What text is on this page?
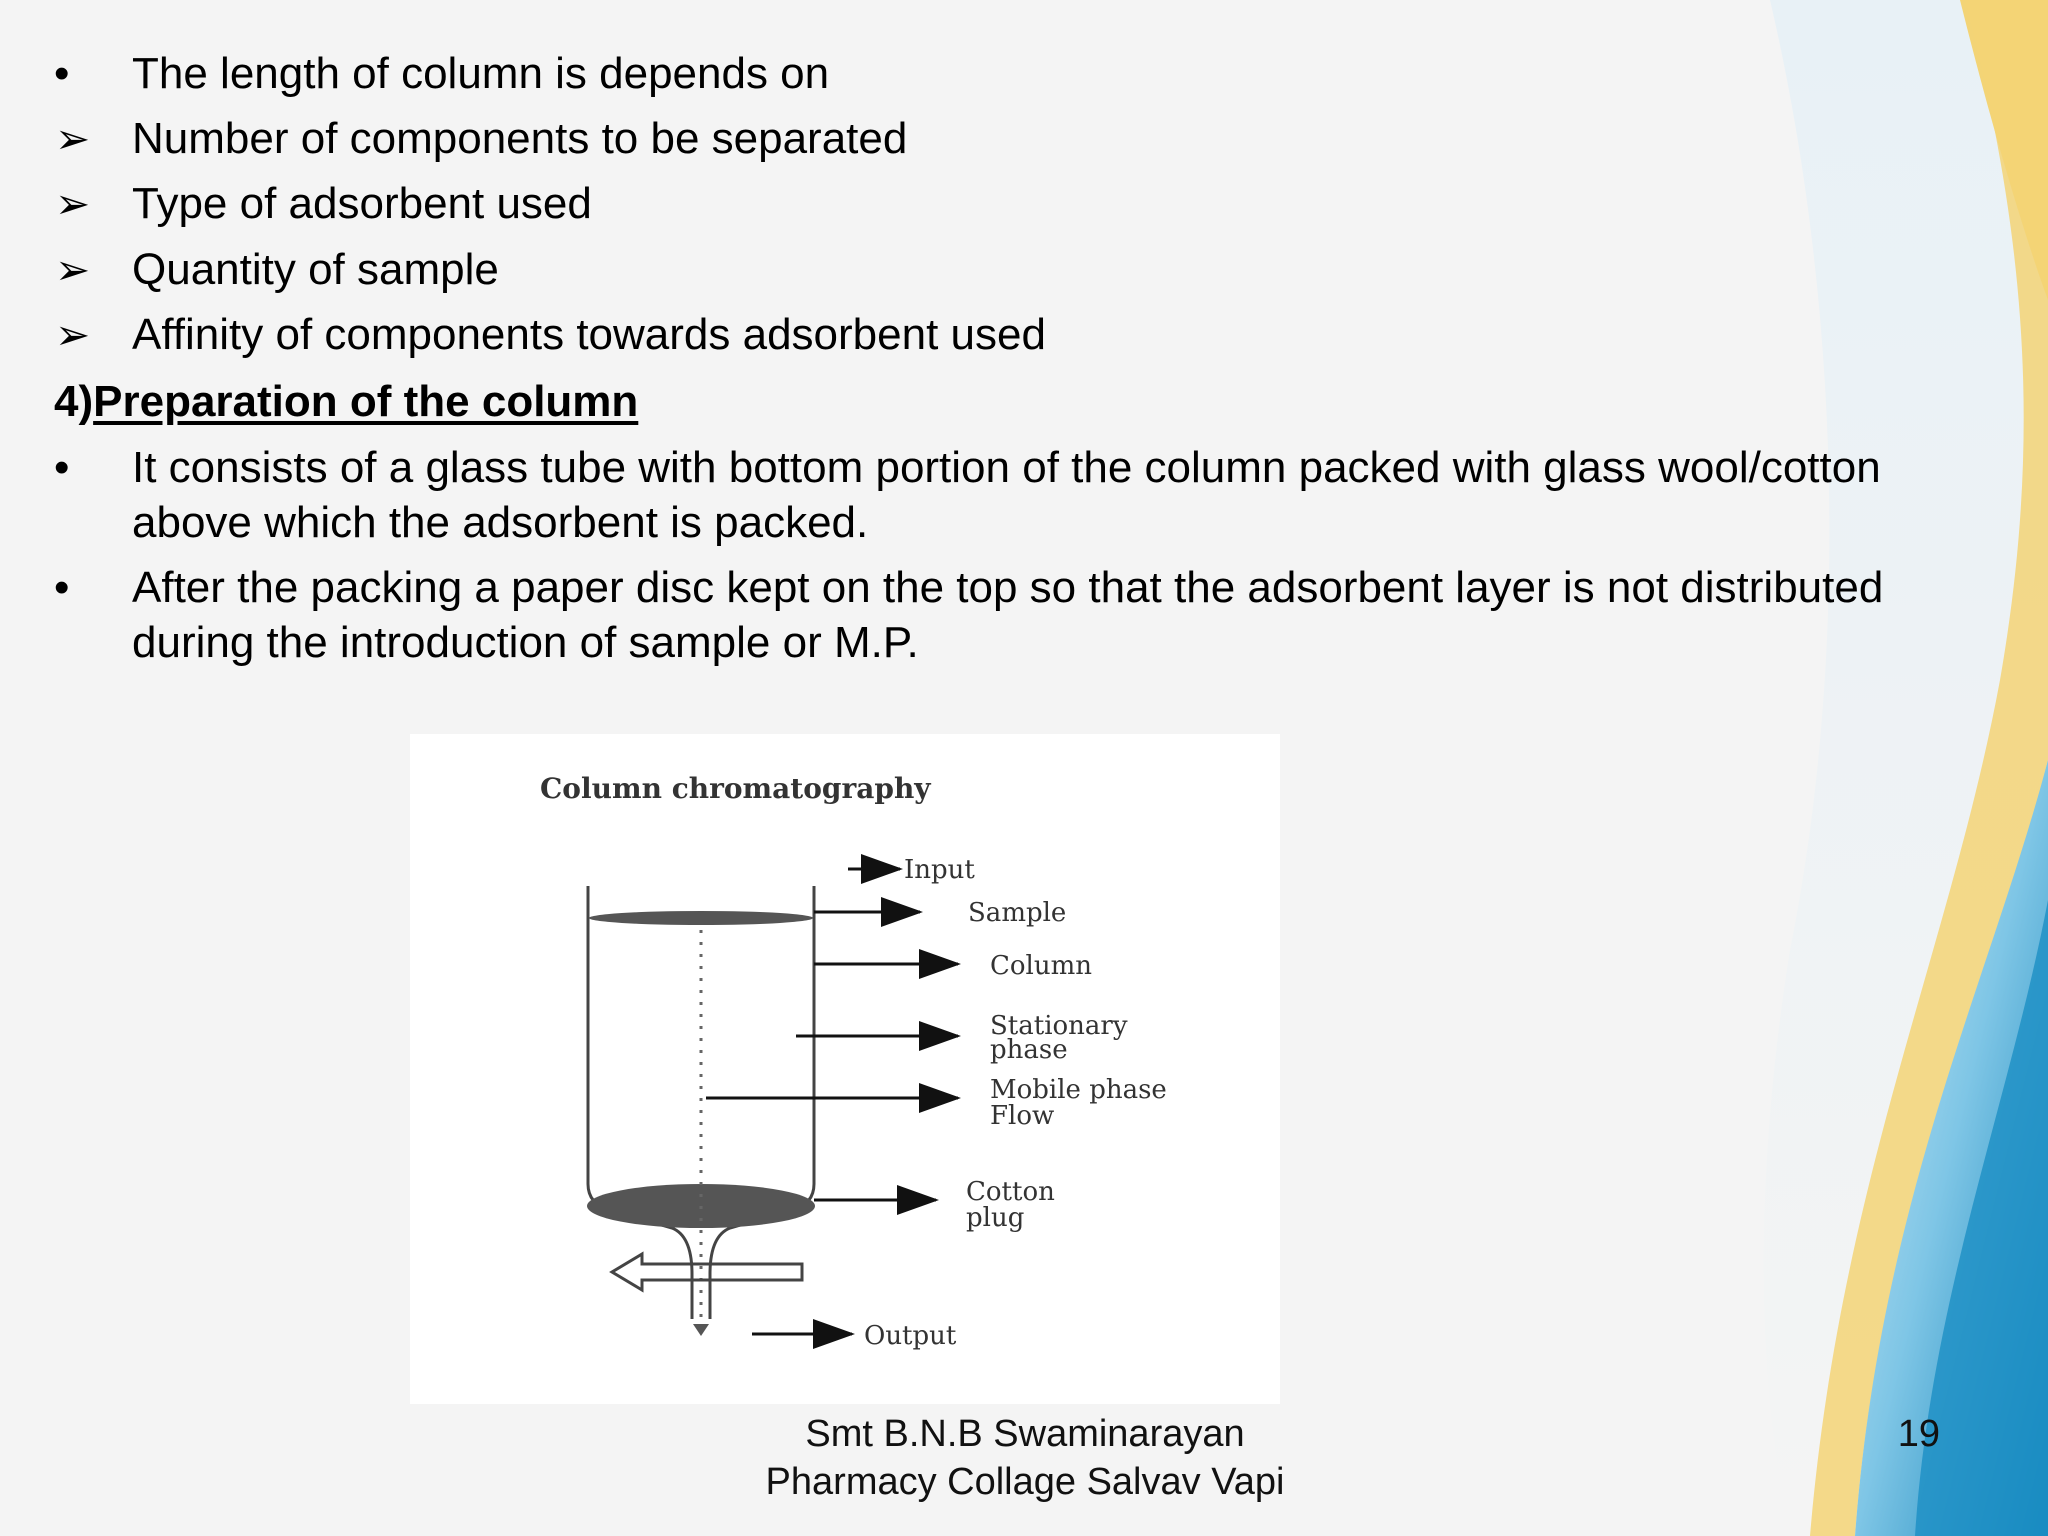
•	The length of column is depends on
➢ Number of components to be separated
➢ Type of adsorbent used
➢ Quantity of sample
➢ Affinity of components towards adsorbent used
4)Preparation of the column
•	It consists of a glass tube with bottom portion of the column packed with glass wool/cotton
above which the adsorbent is packed.
•	After the packing a paper disc kept on the top so that the adsorbent layer is not distributed
during the introduction of sample or M.P.
Column chromatography
Input
Sample
Column
Stationary
phase
Mobile phase
Flow
Cotton
plug
Output
Smt B.N.B Swaminarayan
Pharmacy Collage Salvav Vapi
19
